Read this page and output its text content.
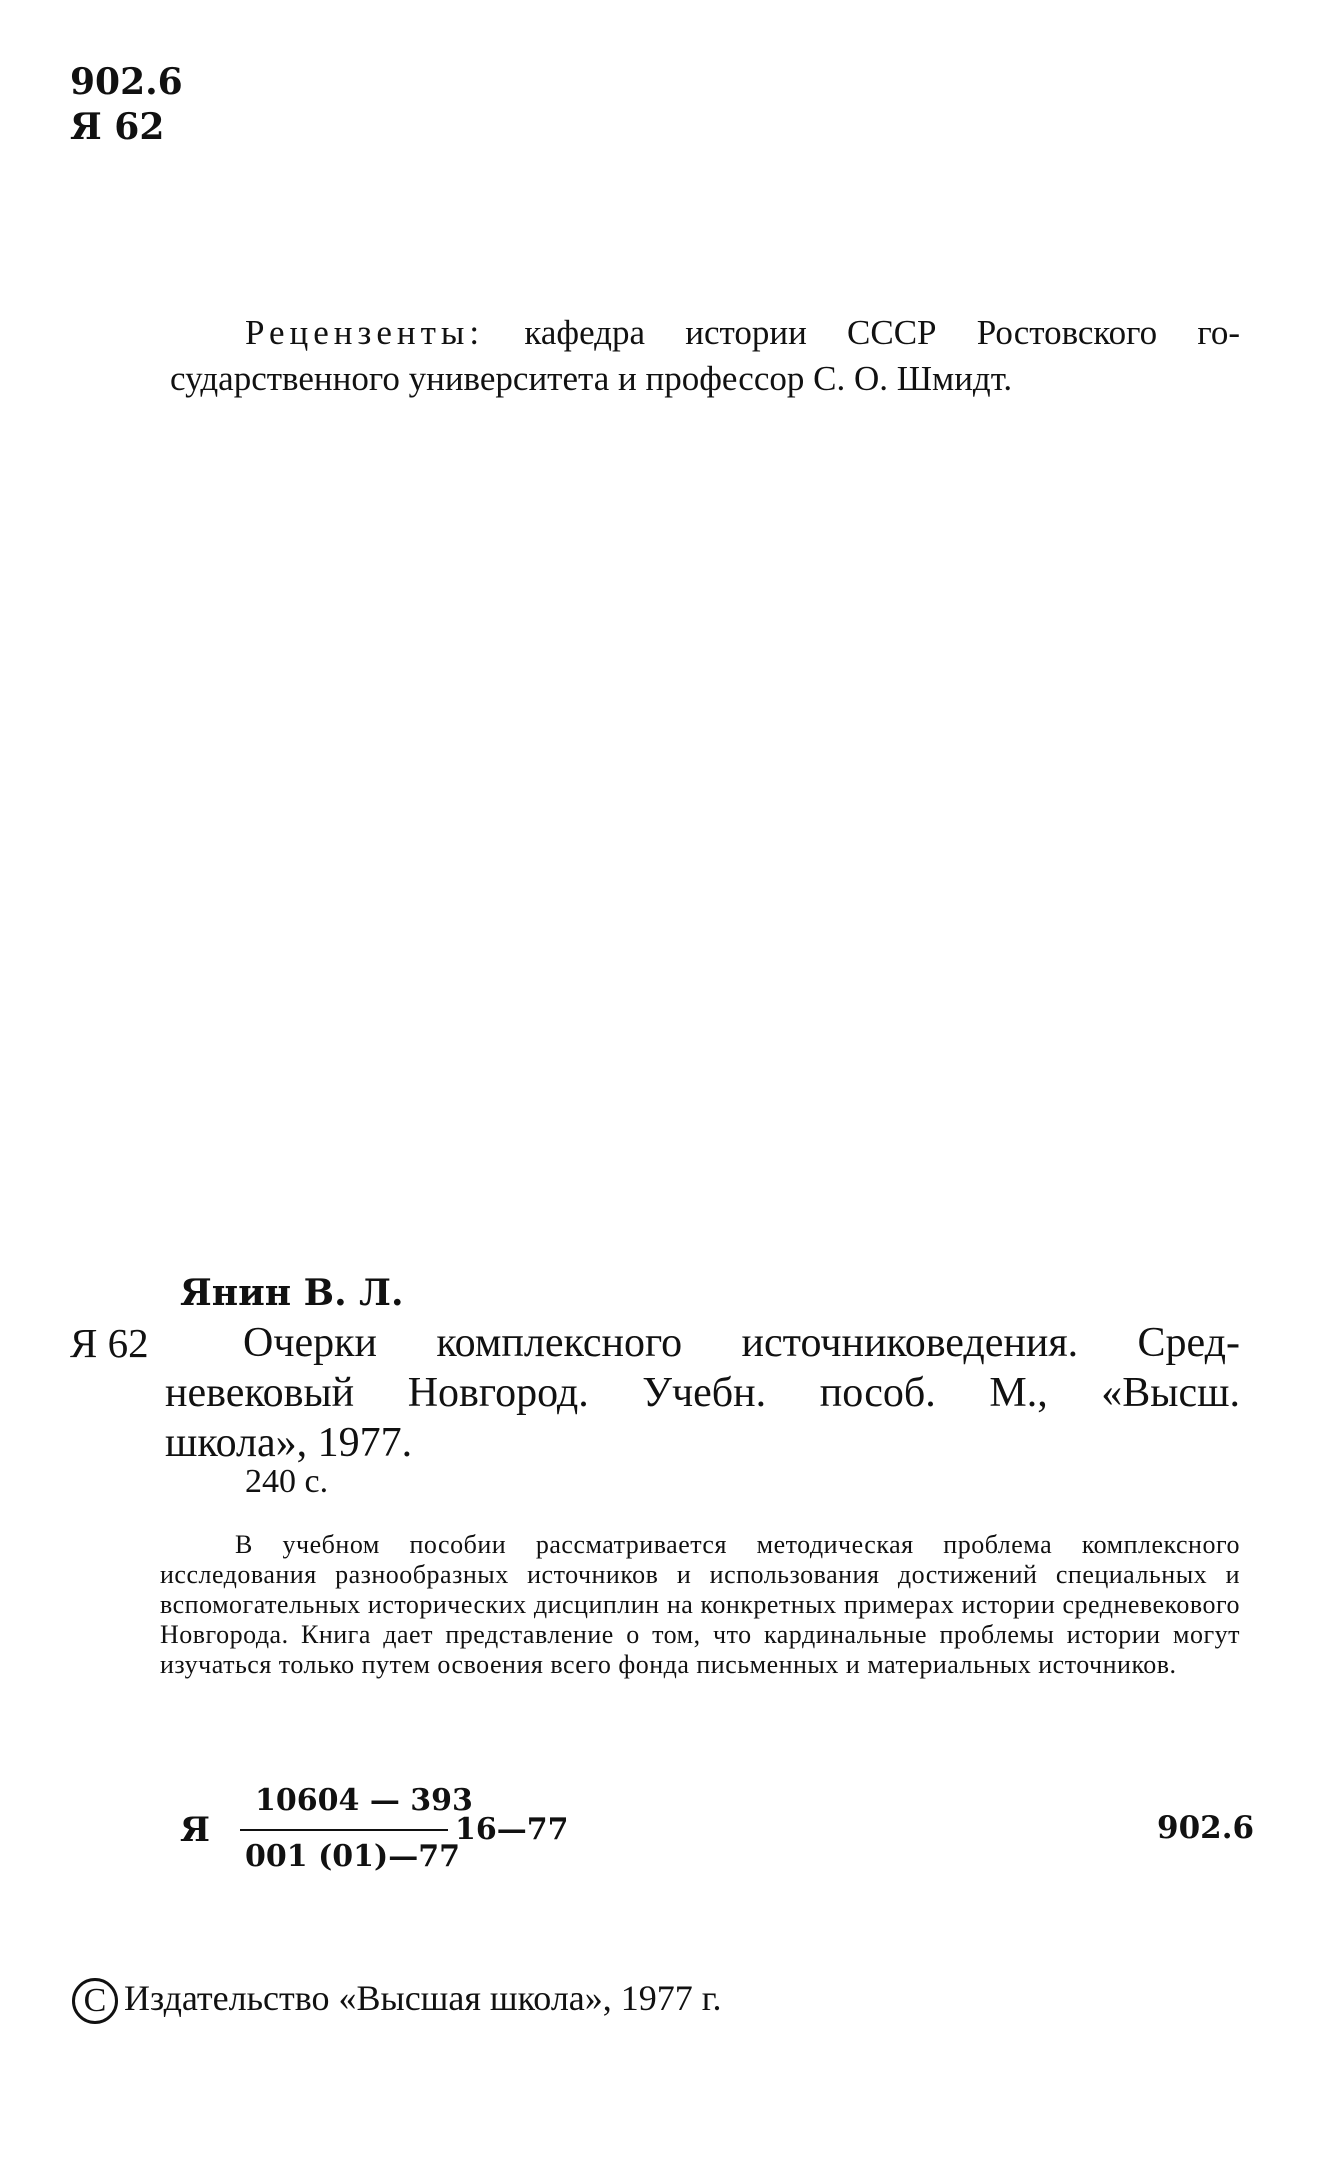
902.6
Я 62
Рецензенты: кафедра истории СССР Ростовского го-
сударственного университета и профессор С. О. Шмидт.
Янин В. Л.
Я 62	Очерки комплексного источниковедения. Сред-
невековый Новгород. Учебн. пособ. М., «Высш.
школа», 1977.
240 с.
В учебном пособии рассматривается методическая проблема комплексного исследования разнообразных источников и использования достижений специальных и вспомогательных исторических дисциплин на конкретных примерах истории средневекового Новгорода. Книга дает представление о том, что кардинальные проблемы истории могут изучаться только путем освоения всего фонда письменных и материальных источников.
Я
10604 — 393
001 (01)—77
16—77	902.6
C Издательство «Высшая школа», 1977 г.
